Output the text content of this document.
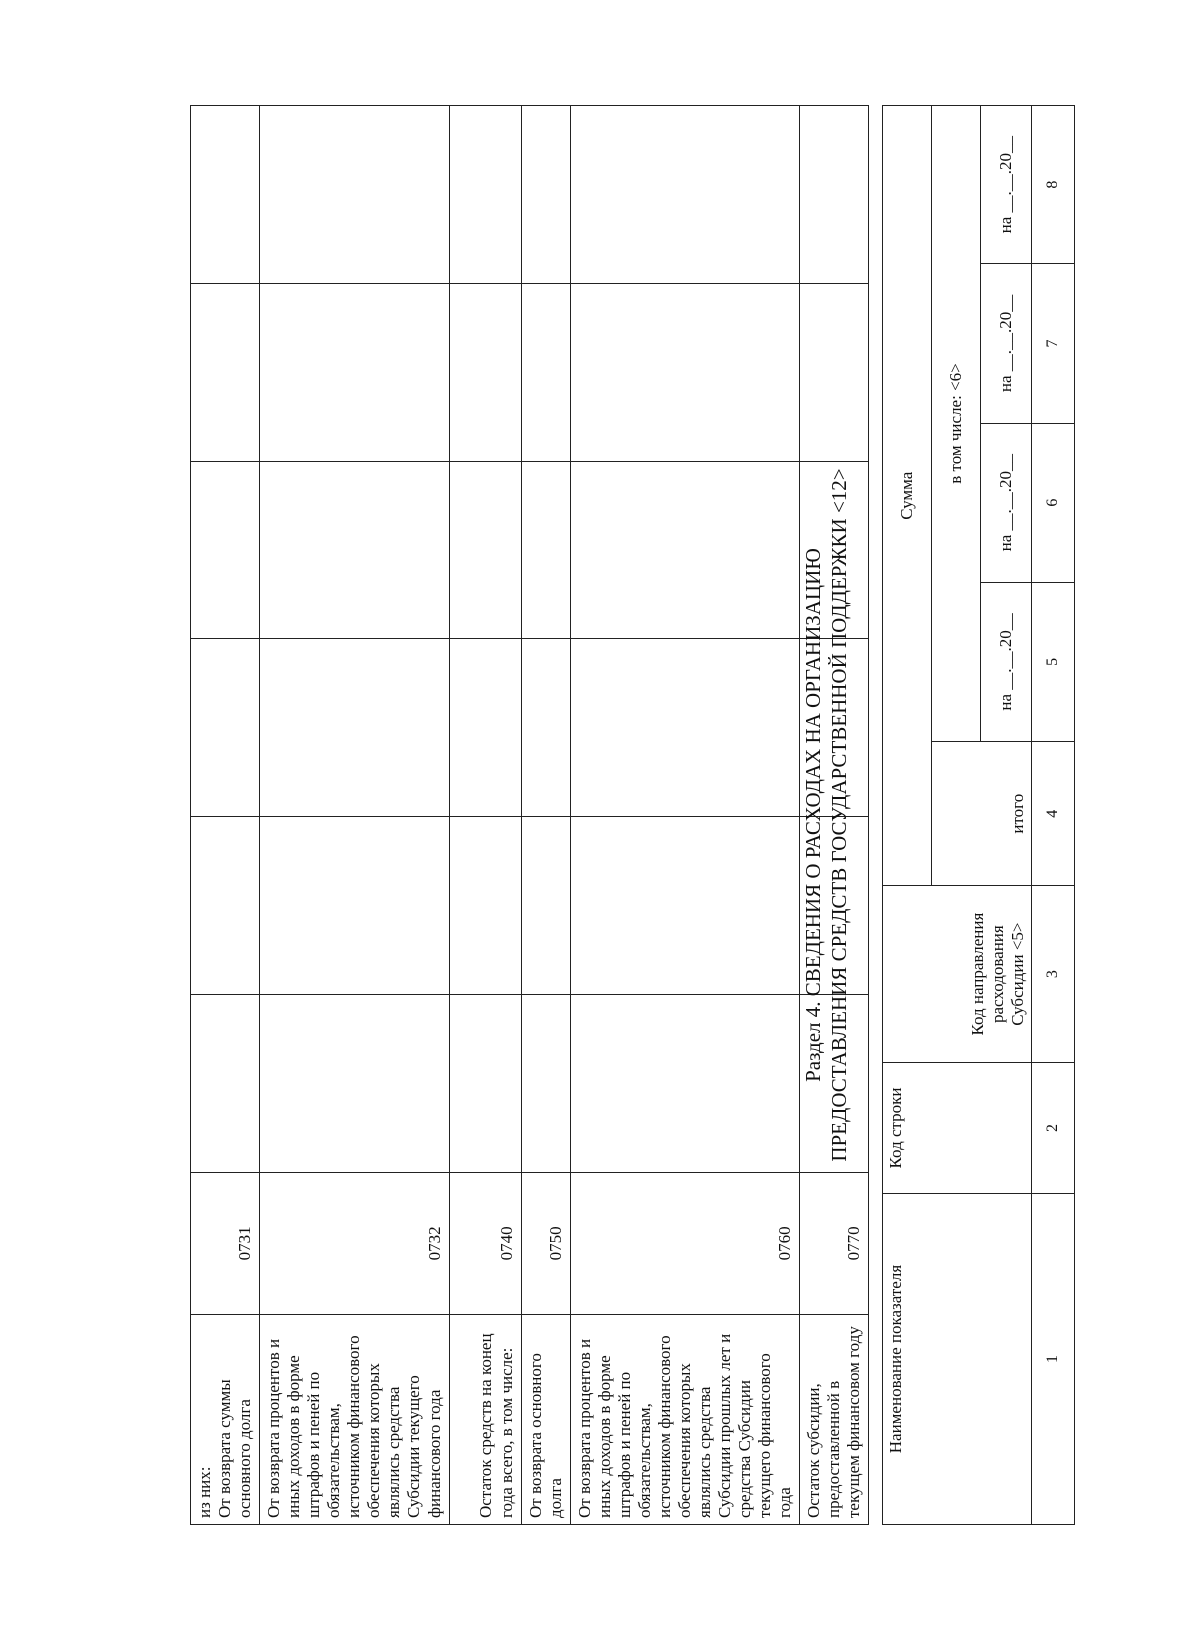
из них:
От возврата суммы основного долга	0731						
От возврата процентов и иных доходов в форме штрафов и пеней по обязательствам, источником финансового обеспечения которых являлись средства Субсидии текущего финансового года	0732						
Остаток средств на конец года всего, в том числе:	0740						
От возврата основного долга	0750						
От возврата процентов и иных доходов в форме штрафов и пеней по обязательствам, источником финансового обеспечения которых являлись средства Субсидии прошлых лет и средства Субсидии текущего финансового года	0760						
Остаток субсидии, предоставленной в текущем финансовом году	0770						
Раздел 4. СВЕДЕНИЯ О РАСХОДАХ НА ОРГАНИЗАЦИЮ ПРЕДОСТАВЛЕНИЯ СРЕДСТВ ГОСУДАРСТВЕННОЙ ПОДДЕРЖКИ <12>
Наименование показателя	Код строки	Код направления расходования Субсидии <5>	Сумма				
			итого	в том числе: <6>			
				на __.__.20__	на __.__.20__	на __.__.20__	на __.__.20__
1	2	3	4	5	6	7	8
